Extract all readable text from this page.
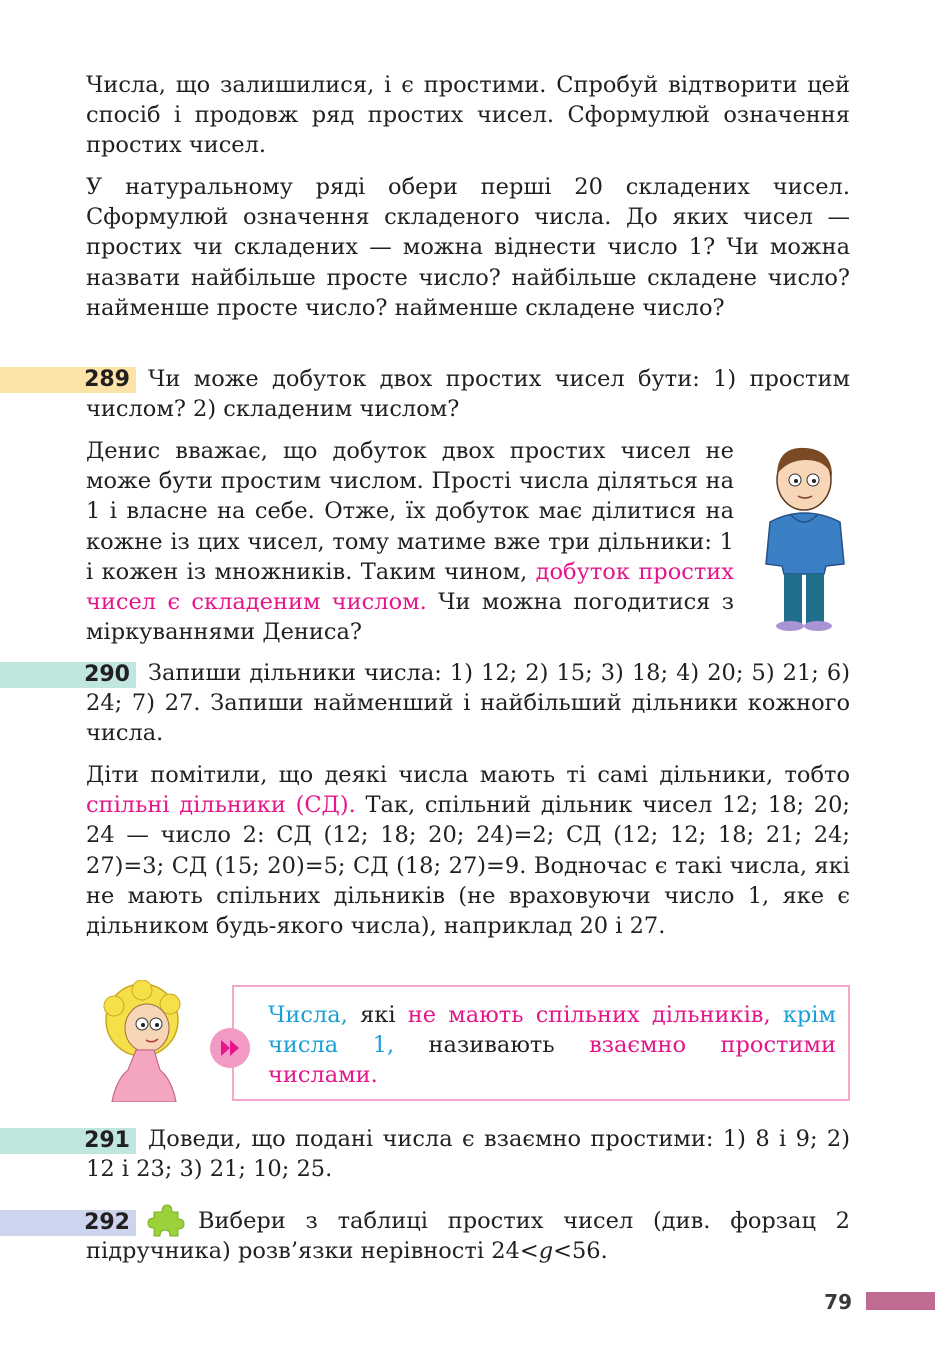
Числа, що залишилися, і є простими. Спробуй відтворити цей спосіб і продовж ряд простих чисел. Сформулюй означення простих чисел.

У натуральному ряді обери перші 20 складених чисел. Сформулюй означення складеного числа. До яких чисел — простих чи складених — можна віднести число 1? Чи можна назвати найбільше просте число? найбільше складене число? найменше просте число? найменше складене число?

289 Чи може добуток двох простих чисел бути: 1) простим числом? 2) складеним числом?

Денис вважає, що добуток двох простих чисел не може бути простим числом. Прості числа діляться на 1 і власне на себе. Отже, їх добуток має ділитися на кожне із цих чисел, тому матиме вже три дільники: 1 і кожен із множників. Таким чином, добуток простих чисел є складеним числом. Чи можна погодитися з міркуваннями Дениса?

290 Запиши дільники числа: 1) 12; 2) 15; 3) 18; 4) 20; 5) 21; 6) 24; 7) 27. Запиши найменший і найбільший дільники кожного числа.

Діти помітили, що деякі числа мають ті самі дільники, тобто спільні дільники (СД). Так, спільний дільник чисел 12; 18; 20; 24 — число 2: СД (12; 18; 20; 24)=2; СД (12; 12; 18; 21; 24; 27)=3; СД (15; 20)=5; СД (18; 27)=9. Водночас є такі числа, які не мають спільних дільників (не враховуючи число 1, яке є дільником будь-якого числа), наприклад 20 і 27.

Числа, які не мають спільних дільників, крім числа 1, називають взаємно простими числами.

291 Доведи, що подані числа є взаємно простими: 1) 8 і 9; 2) 12 і 23; 3) 21; 10; 25.

292	Вибери з таблиці простих чисел (див. форзац 2 підручника) розв’язки нерівності 24<g<56.

79
